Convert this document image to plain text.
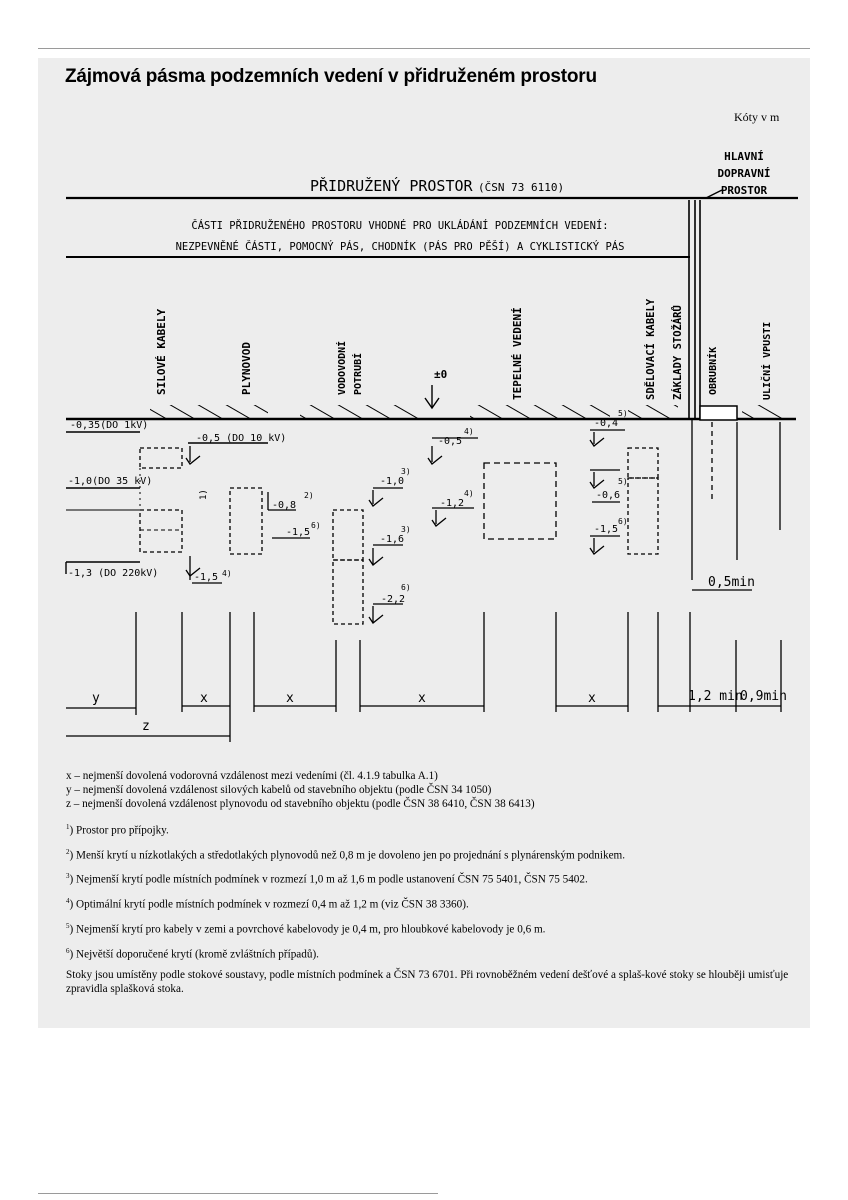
Zájmová pásma podzemních vedení v přidruženém prostoru
Kóty v m
HLAVNÍ
DOPRAVNÍ
PROSTOR
PŘIDRUŽENÝ PROSTOR (ČSN 73 6110)
ČÁSTI PŘIDRUŽENÉHO PROSTORU VHODNÉ PRO UKLÁDÁNÍ PODZEMNÍCH VEDENÍ:
NEZPEVNĚNÉ ČÁSTI, POMOCNÝ PÁS, CHODNÍK (PÁS PRO PĚŠÍ) A CYKLISTICKÝ PÁS
SILOVÉ KABELY	PLYNOVOD	VODOVODNÍ POTRUBÍ	±0	TEPELNÉ VEDENÍ	SDĚLOVACÍ KABELY ZÁKLADY STOŽÁRŮ OBRUBNÍK	ULIČNÍ VPUSTI
-0,35(DO 1kV)
-1,0(DO 35 kV)
-1,3 (DO 220kV)
-0,5 (DO 10 kV)
1)
-0,8
2)
-1,5
6)
-1,5 4)
-1,0
3)
-1,6
3)
-2,2
6)
-0,5
4)
-1,2
4)
-0,4
5)
-0,6
5)
-1,5
6)
0,5min
y	x	x	x	x	1,2 min
0,9min
z

x – nejmenší dovolená vodorovná vzdálenost mezi vedeními (čl. 4.1.9 tabulka A.1)

y – nejmenší dovolená vzdálenost silových kabelů od stavebního objektu (podle ČSN 34 1050)

z – nejmenší dovolená vzdálenost plynovodu od stavebního objektu (podle ČSN 38 6410, ČSN 38 6413)

$^1$) Prostor pro přípojky.

$^2$) Menší krytí u nízkotlakých a středotlakých plynovodů než 0,8 m je dovoleno jen po projednání s plynárenským podnikem.

$^3$) Nejmenší krytí podle místních podmínek v rozmezí 1,0 m až 1,6 m podle ustanovení ČSN 75 5401, ČSN 75 5402.

$^4$) Optimální krytí podle místních podmínek v rozmezí 0,4 m až 1,2 m (viz ČSN 38 3360).

$^5$) Nejmenší krytí pro kabely v zemi a povrchové kabelovody je 0,4 m, pro hloubkové kabelovody je 0,6 m.

$^6$) Největší doporučené krytí (kromě zvláštních případů).

Stoky jsou umístěny podle stokové soustavy, podle místních podmínek a ČSN 73 6701. Při rovnoběžném vedení dešťové a splaš-kové stoky se hlouběji umisťuje zpravidla splašková stoka.
